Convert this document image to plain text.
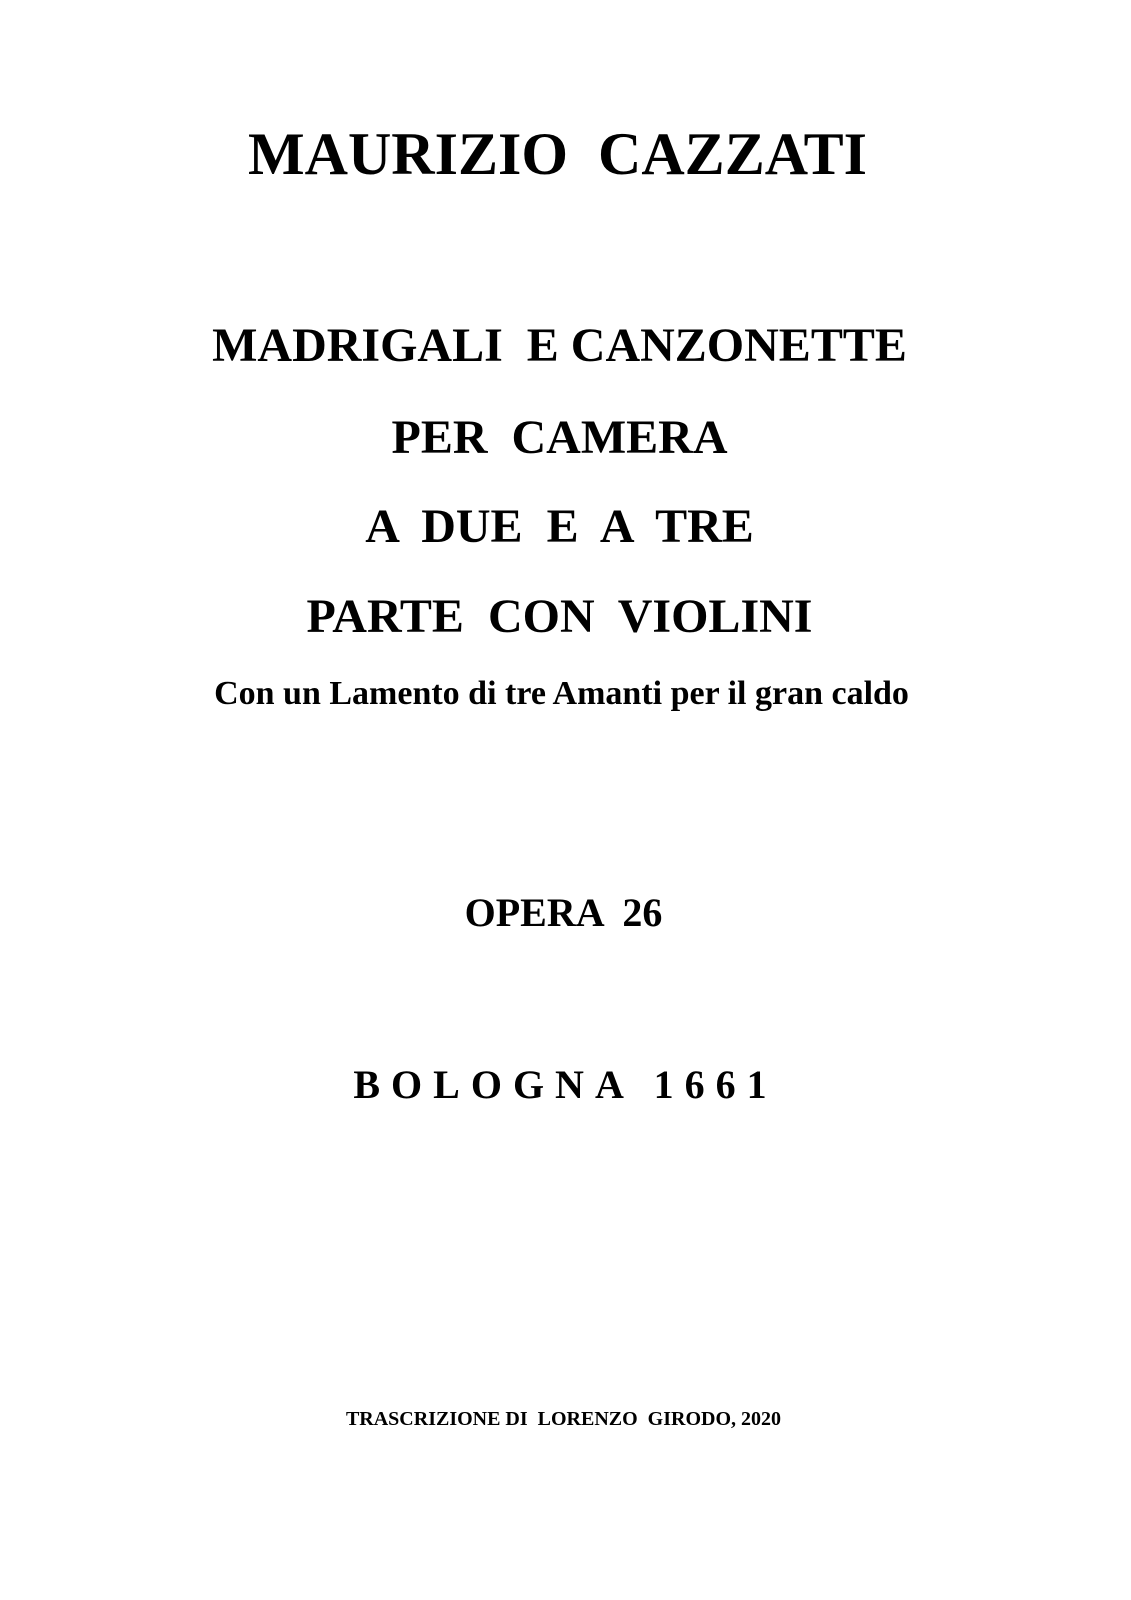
MAURIZIO  CAZZATI
MADRIGALI  E CANZONETTE
PER  CAMERA
A  DUE  E  A  TRE
PARTE  CON  VIOLINI
Con un Lamento di tre Amanti per il gran caldo
OPERA  26
BOLOGNA 1661
TRASCRIZIONE DI  LORENZO  GIRODO, 2020
